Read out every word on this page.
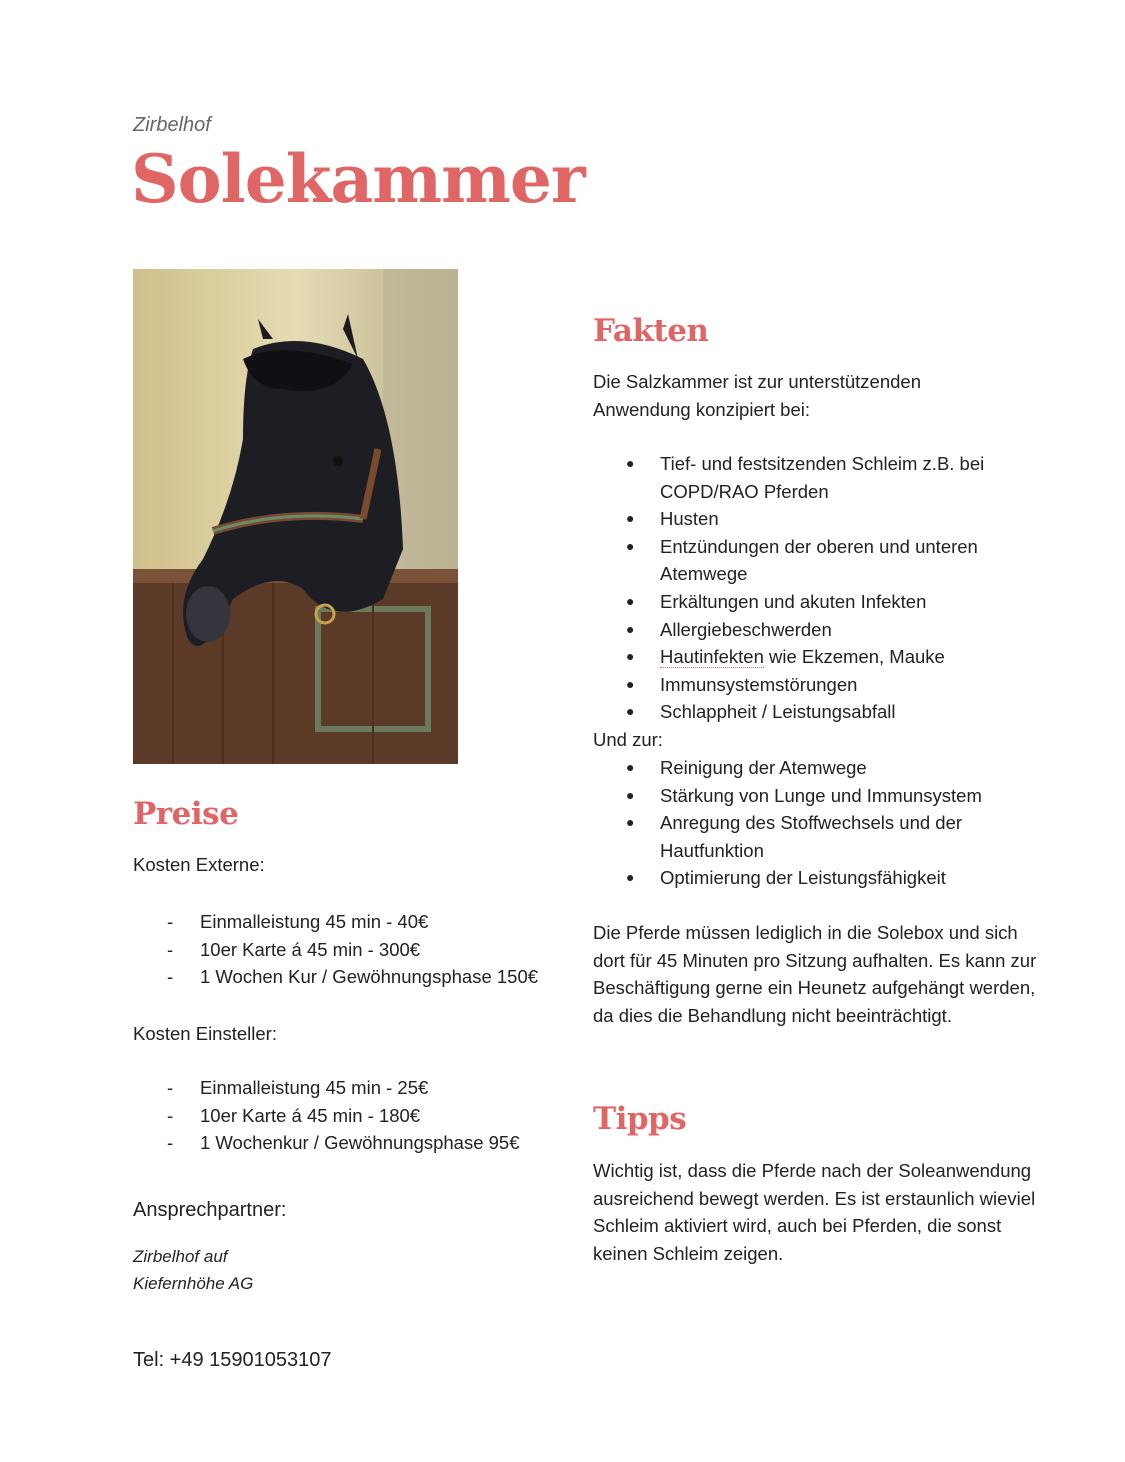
Zirbelhof
Solekammer
Preise
Kosten Externe:
- Einmalleistung 45 min - 40€
- 10er Karte á 45 min - 300€
- 1 Wochen Kur / Gewöhnungsphase 150€
Kosten Einsteller:
- Einmalleistung 45 min - 25€
- 10er Karte á 45 min - 180€
- 1 Wochenkur / Gewöhnungsphase 95€
Ansprechpartner:
Zirbelhof auf
Kiefernhöhe AG
Tel: +49 15901053107
Fakten
Die Salzkammer ist zur unterstützenden Anwendung konzipiert bei:
● Tief- und festsitzenden Schleim z.B. bei COPD/RAO Pferden
● Husten
● Entzündungen der oberen und unteren Atemwege
● Erkältungen und akuten Infekten
● Allergiebeschwerden
● Hautinfekten wie Ekzemen, Mauke
● Immunsystemstörungen
● Schlappheit / Leistungsabfall
Und zur:
● Reinigung der Atemwege
● Stärkung von Lunge und Immunsystem
● Anregung des Stoffwechsels und der Hautfunktion
● Optimierung der Leistungsfähigkeit
Die Pferde müssen lediglich in die Solebox und sich dort für 45 Minuten pro Sitzung aufhalten. Es kann zur Beschäftigung gerne ein Heunetz aufgehängt werden, da dies die Behandlung nicht beeinträchtigt.
Tipps
Wichtig ist, dass die Pferde nach der Soleanwendung ausreichend bewegt werden. Es ist erstaunlich wieviel Schleim aktiviert wird, auch bei Pferden, die sonst keinen Schleim zeigen.
